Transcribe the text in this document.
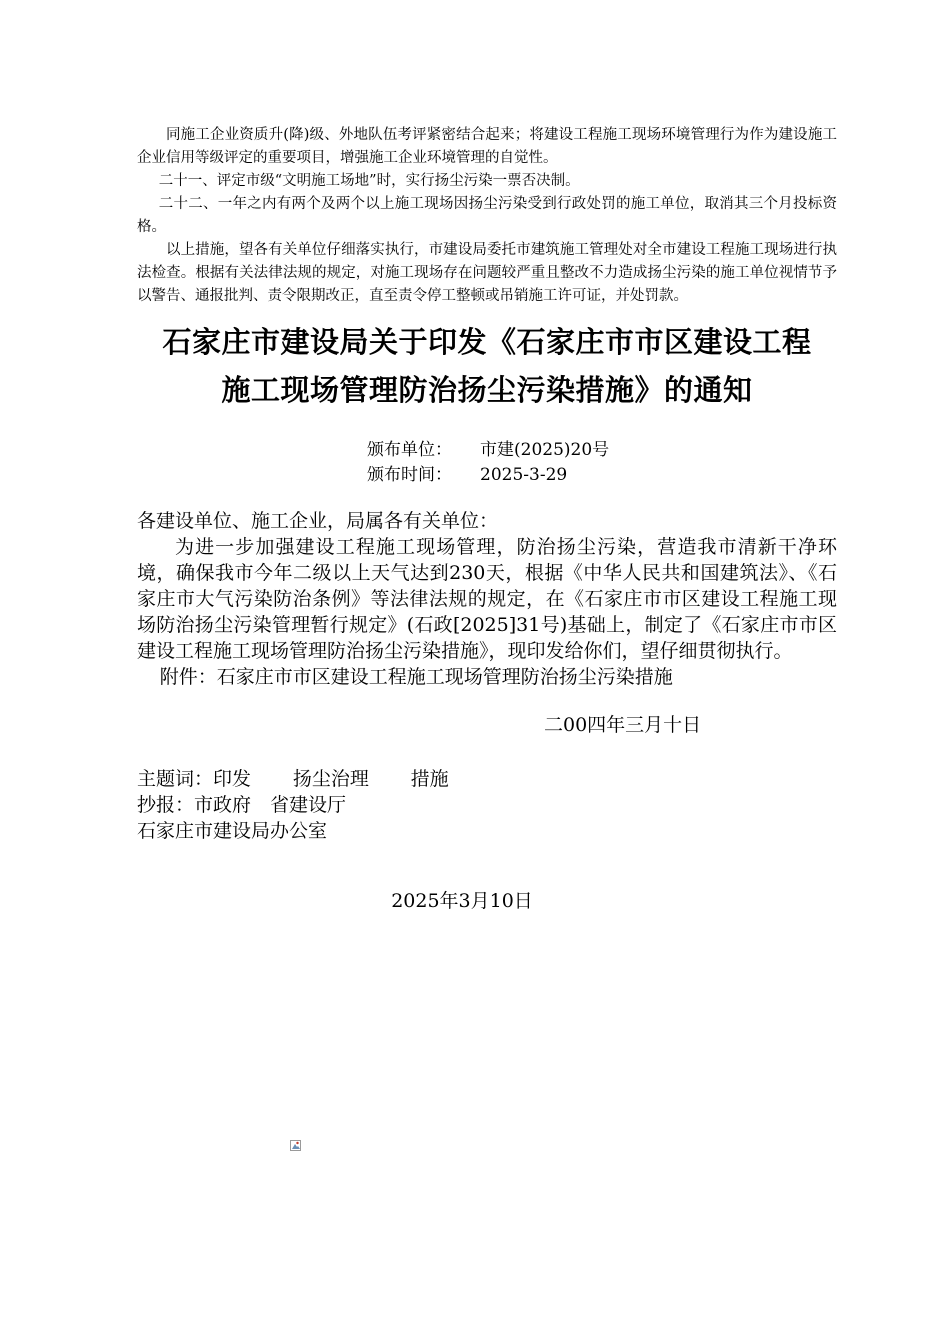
同施工企业资质升(降)级、外地队伍考评紧密结合起来；将建设工程施工现场环境管理行为作为建设施工企业信用等级评定的重要项目，增强施工企业环境管理的自觉性。

二十一、评定市级“文明施工场地”时，实行扬尘污染一票否决制。

二十二、一年之内有两个及两个以上施工现场因扬尘污染受到行政处罚的施工单位，取消其三个月投标资格。

以上措施，望各有关单位仔细落实执行，市建设局委托市建筑施工管理处对全市建设工程施工现场进行执法检查。根据有关法律法规的规定，对施工现场存在问题较严重且整改不力造成扬尘污染的施工单位视情节予以警告、通报批判、责令限期改正，直至责令停工整顿或吊销施工许可证，并处罚款。

石家庄市建设局关于印发《石家庄市市区建设工程
施工现场管理防治扬尘污染措施》的通知
颁布单位：	市建(2025)20号
颁布时间：	2025-3-29

各建设单位、施工企业，局属各有关单位：

为进一步加强建设工程施工现场管理，防治扬尘污染，营造我市清新干净环境，确保我市今年二级以上天气达到230天，根据《中华人民共和国建筑法》、《石家庄市大气污染防治条例》等法律法规的规定，在《石家庄市市区建设工程施工现场防治扬尘污染管理暂行规定》(石政[2025]31号)基础上，制定了《石家庄市市区建设工程施工现场管理防治扬尘污染措施》，现印发给你们，望仔细贯彻执行。

附件：石家庄市市区建设工程施工现场管理防治扬尘污染措施

二00四年三月十日

主题词：印发 扬尘治理 措施

抄报：市政府 省建设厅

石家庄市建设局办公室

2025年3月10日
